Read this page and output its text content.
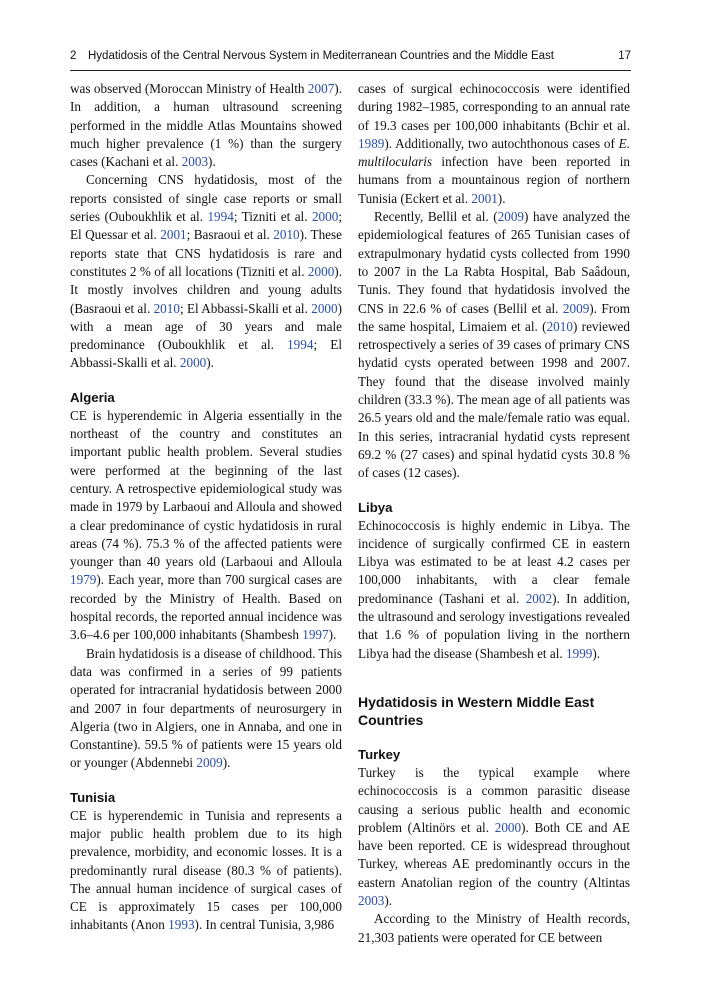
2 Hydatidosis of the Central Nervous System in Mediterranean Countries and the Middle East	17

was observed (Moroccan Ministry of Health 2007). In addition, a human ultrasound screening performed in the middle Atlas Mountains showed much higher prevalence (1 %) than the surgery cases (Kachani et al. 2003).

Concerning CNS hydatidosis, most of the reports consisted of single case reports or small series (Ouboukhlik et al. 1994; Tizniti et al. 2000; El Quessar et al. 2001; Basraoui et al. 2010). These reports state that CNS hydatidosis is rare and constitutes 2 % of all locations (Tizniti et al. 2000). It mostly involves children and young adults (Basraoui et al. 2010; El Abbassi-Skalli et al. 2000) with a mean age of 30 years and male predominance (Ouboukhlik et al. 1994; El Abbassi-Skalli et al. 2000).

Algeria

CE is hyperendemic in Algeria essentially in the northeast of the country and constitutes an important public health problem. Several studies were performed at the beginning of the last century. A retrospective epidemiological study was made in 1979 by Larbaoui and Alloula and showed a clear predominance of cystic hydatidosis in rural areas (74 %). 75.3 % of the affected patients were younger than 40 years old (Larbaoui and Alloula 1979). Each year, more than 700 surgical cases are recorded by the Ministry of Health. Based on hospital records, the reported annual incidence was 3.6–4.6 per 100,000 inhabitants (Shambesh 1997).

Brain hydatidosis is a disease of childhood. This data was confirmed in a series of 99 patients operated for intracranial hydatidosis between 2000 and 2007 in four departments of neurosurgery in Algeria (two in Algiers, one in Annaba, and one in Constantine). 59.5 % of patients were 15 years old or younger (Abdennebi 2009).

Tunisia

CE is hyperendemic in Tunisia and represents a major public health problem due to its high prevalence, morbidity, and economic losses. It is a predominantly rural disease (80.3 % of patients). The annual human incidence of surgical cases of CE is approximately 15 cases per 100,000 inhabitants (Anon 1993). In central Tunisia, 3,986

cases of surgical echinococcosis were identified during 1982–1985, corresponding to an annual rate of 19.3 cases per 100,000 inhabitants (Bchir et al. 1989). Additionally, two autochthonous cases of E. multilocularis infection have been reported in humans from a mountainous region of northern Tunisia (Eckert et al. 2001).

Recently, Bellil et al. (2009) have analyzed the epidemiological features of 265 Tunisian cases of extrapulmonary hydatid cysts collected from 1990 to 2007 in the La Rabta Hospital, Bab Saâdoun, Tunis. They found that hydatidosis involved the CNS in 22.6 % of cases (Bellil et al. 2009). From the same hospital, Limaiem et al. (2010) reviewed retrospectively a series of 39 cases of primary CNS hydatid cysts operated between 1998 and 2007. They found that the disease involved mainly children (33.3 %). The mean age of all patients was 26.5 years old and the male/female ratio was equal. In this series, intracranial hydatid cysts represent 69.2 % (27 cases) and spinal hydatid cysts 30.8 % of cases (12 cases).

Libya

Echinococcosis is highly endemic in Libya. The incidence of surgically confirmed CE in eastern Libya was estimated to be at least 4.2 cases per 100,000 inhabitants, with a clear female predominance (Tashani et al. 2002). In addition, the ultrasound and serology investigations revealed that 1.6 % of population living in the northern Libya had the disease (Shambesh et al. 1999).

Hydatidosis in Western Middle East Countries
Turkey

Turkey is the typical example where echinococcosis is a common parasitic disease causing a serious public health and economic problem (Altinörs et al. 2000). Both CE and AE have been reported. CE is widespread throughout Turkey, whereas AE predominantly occurs in the eastern Anatolian region of the country (Altintas 2003).

According to the Ministry of Health records, 21,303 patients were operated for CE between
